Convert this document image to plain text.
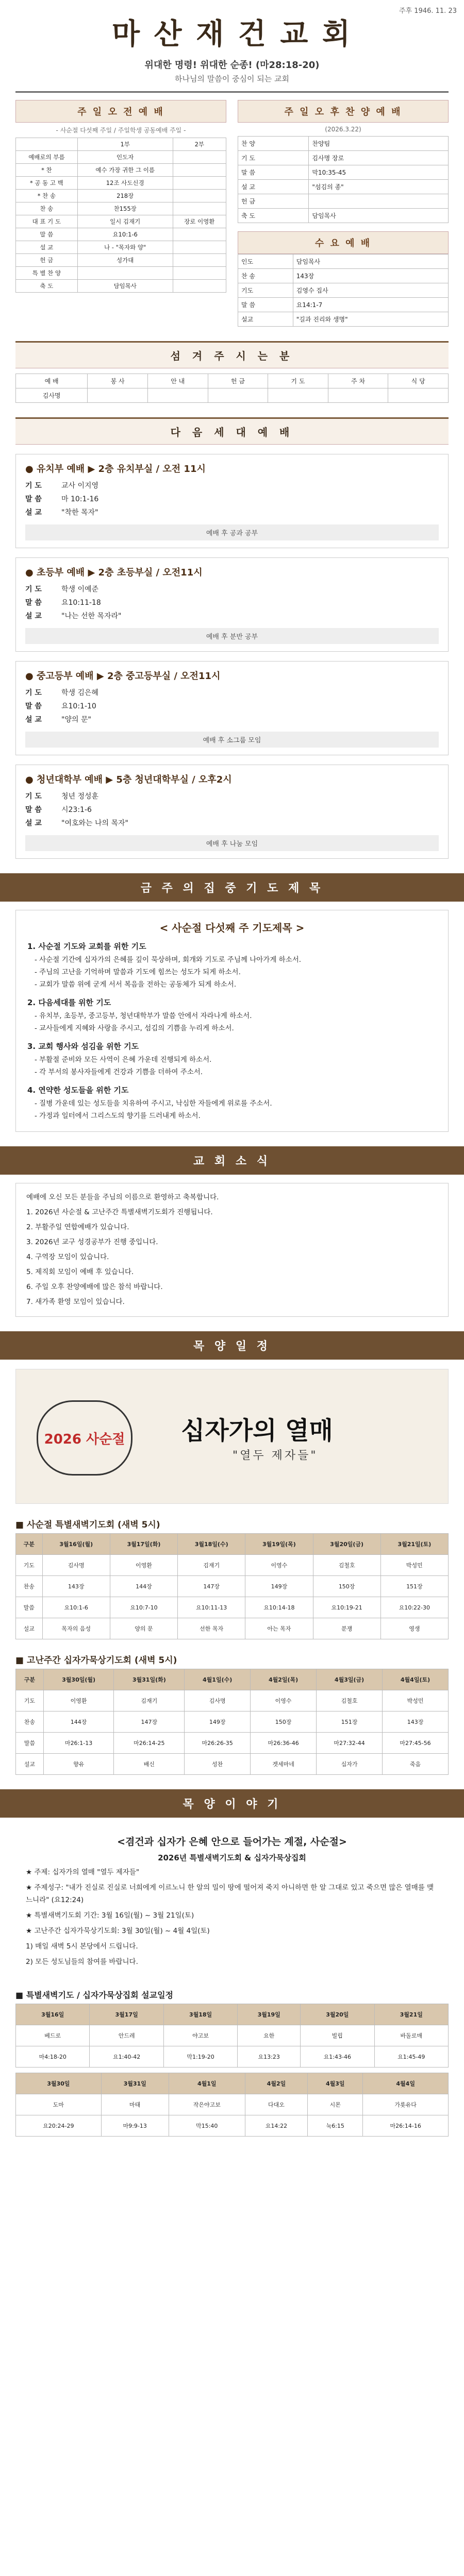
주후 1946. 11. 23
마 산 재 건 교 회
위대한 명령! 위대한 순종! (마28:18-20)
하나님의 말씀이 중심이 되는 교회
주 일 오 전 예 배
- 사순절 다섯째 주일 / 주일학생 공동예배 주일 -
	1부	2부
예배로의 부름	인도자	
* 찬	예수 가장 귀한 그 이름	
* 공 동 고 백	12조 사도신경	
* 찬 송	218장	
찬 송	찬155장	
대 표 기 도	일시 김재기	장로 이영환
말 씀	요10:1-6	
설 교	나 - "목자와 양"	
헌 금	성가대	
특 별 찬 양		
축 도	담임목사	
주 일 오 후 찬 양 예 배
(2026.3.22)
찬 양	찬양팀
기 도	김사명 장로
말 씀	막10:35-45
설 교	"섬김의 종"
헌 금	
축 도	담임목사
수 요 예 배
인도	담임목사
찬 송	143장
기도	김영수 집사
말 씀	요14:1-7
설교	"길과 진리와 생명"
섬 겨 주 시 는 분
예 배	봉 사	안 내	헌 금	기 도	주 차	식 당
김사명						
다 음 세 대 예 배
● 유치부 예배 ▶ 2층 유치부실 / 오전 11시
기 도	교사 이지영
말 씀	마 10:1-16
설 교	"착한 목자"
예배 후 공과 공부
● 초등부 예배 ▶ 2층 초등부실 / 오전11시
기 도	학생 이예준
말 씀	요10:11-18
설 교	"나는 선한 목자라"
예배 후 분반 공부
● 중고등부 예배 ▶ 2층 중고등부실 / 오전11시
기 도	학생 김은혜
말 씀	요10:1-10
설 교	"양의 문"
예배 후 소그룹 모임
● 청년대학부 예배 ▶ 5층 청년대학부실 / 오후2시
기 도	청년 정성훈
말 씀	시23:1-6
설 교	"여호와는 나의 목자"
예배 후 나눔 모임
금 주 의 집 중 기 도 제 목
< 사순절 다섯째 주 기도제목 >
1. 사순절 기도와 교회를 위한 기도
- 사순절 기간에 십자가의 은혜를 깊이 묵상하며, 회개와 기도로 주님께 나아가게 하소서.
- 주님의 고난을 기억하며 말씀과 기도에 힘쓰는 성도가 되게 하소서.
- 교회가 말씀 위에 굳게 서서 복음을 전하는 공동체가 되게 하소서.
2. 다음세대를 위한 기도
- 유치부, 초등부, 중고등부, 청년대학부가 말씀 안에서 자라나게 하소서.
- 교사들에게 지혜와 사랑을 주시고, 섬김의 기쁨을 누리게 하소서.
3. 교회 행사와 섬김을 위한 기도
- 부활절 준비와 모든 사역이 은혜 가운데 진행되게 하소서.
- 각 부서의 봉사자들에게 건강과 기쁨을 더하여 주소서.
4. 연약한 성도들을 위한 기도
- 질병 가운데 있는 성도들을 치유하여 주시고, 낙심한 자들에게 위로를 주소서.
- 가정과 일터에서 그리스도의 향기를 드러내게 하소서.
교 회 소 식
예배에 오신 모든 분들을 주님의 이름으로 환영하고 축복합니다.
1. 2026년 사순절 & 고난주간 특별새벽기도회가 진행됩니다.
2. 부활주일 연합예배가 있습니다.
3. 2026년 교구 성경공부가 진행 중입니다.
4. 구역장 모임이 있습니다.
5. 제직회 모임이 예배 후 있습니다.
6. 주일 오후 찬양예배에 많은 참석 바랍니다.
7. 새가족 환영 모임이 있습니다.
목 양 일 정
2026 사순절	십자가의 열매
"열두 제자들"
■ 사순절 특별새벽기도회 (새벽 5시)
구분	3월16일(월)	3월17일(화)	3월18일(수)	3월19일(목)	3월20일(금)	3월21일(토)
기도	김사명	이영환	김재기	이영수	김철호	박성민
찬송	143장	144장	147장	149장	150장	151장
말씀	요10:1-6	요10:7-10	요10:11-13	요10:14-18	요10:19-21	요10:22-30
설교	목자의 음성	양의 문	선한 목자	아는 목자	분쟁	영생
■ 고난주간 십자가묵상기도회 (새벽 5시)
구분	3월30일(월)	3월31일(화)	4월1일(수)	4월2일(목)	4월3일(금)	4월4일(토)
기도	이영환	김재기	김사명	이영수	김철호	박성민
찬송	144장	147장	149장	150장	151장	143장
말씀	마26:1-13	마26:14-25	마26:26-35	마26:36-46	마27:32-44	마27:45-56
설교	향유	배신	성찬	겟세마네	십자가	죽음
목 양 이 야 기
<겸건과 십자가 은혜 안으로 들어가는 계절, 사순절>
2026년 특별새벽기도회 & 십자가묵상집회
★ 주제: 십자가의 열매 "열두 제자들"
★ 주제성구: "내가 진실로 진실로 너희에게 이르노니 한 알의 밀이 땅에 떨어져 죽지 아니하면 한 알 그대로 있고 죽으면 많은 열매를 맺느니라" (요12:24)
★ 특별새벽기도회 기간: 3월 16일(월) ~ 3월 21일(토)
★ 고난주간 십자가묵상기도회: 3월 30일(월) ~ 4월 4일(토)
1) 매일 새벽 5시 본당에서 드립니다.
2) 모든 성도님들의 참여를 바랍니다.
■ 특별새벽기도 / 십자가묵상집회 설교일정
3월16일	3월17일	3월18일	3월19일	3월20일	3월21일
베드로	안드레	야고보	요한	빌립	바돌로매
마4:18-20	요1:40-42	막1:19-20	요13:23	요1:43-46	요1:45-49
3월30일	3월31일	4월1일	4월2일	4월3일	4월4일
도마	마태	작은야고보	다대오	시몬	가룟유다
요20:24-29	마9:9-13	막15:40	요14:22	눅6:15	마26:14-16
